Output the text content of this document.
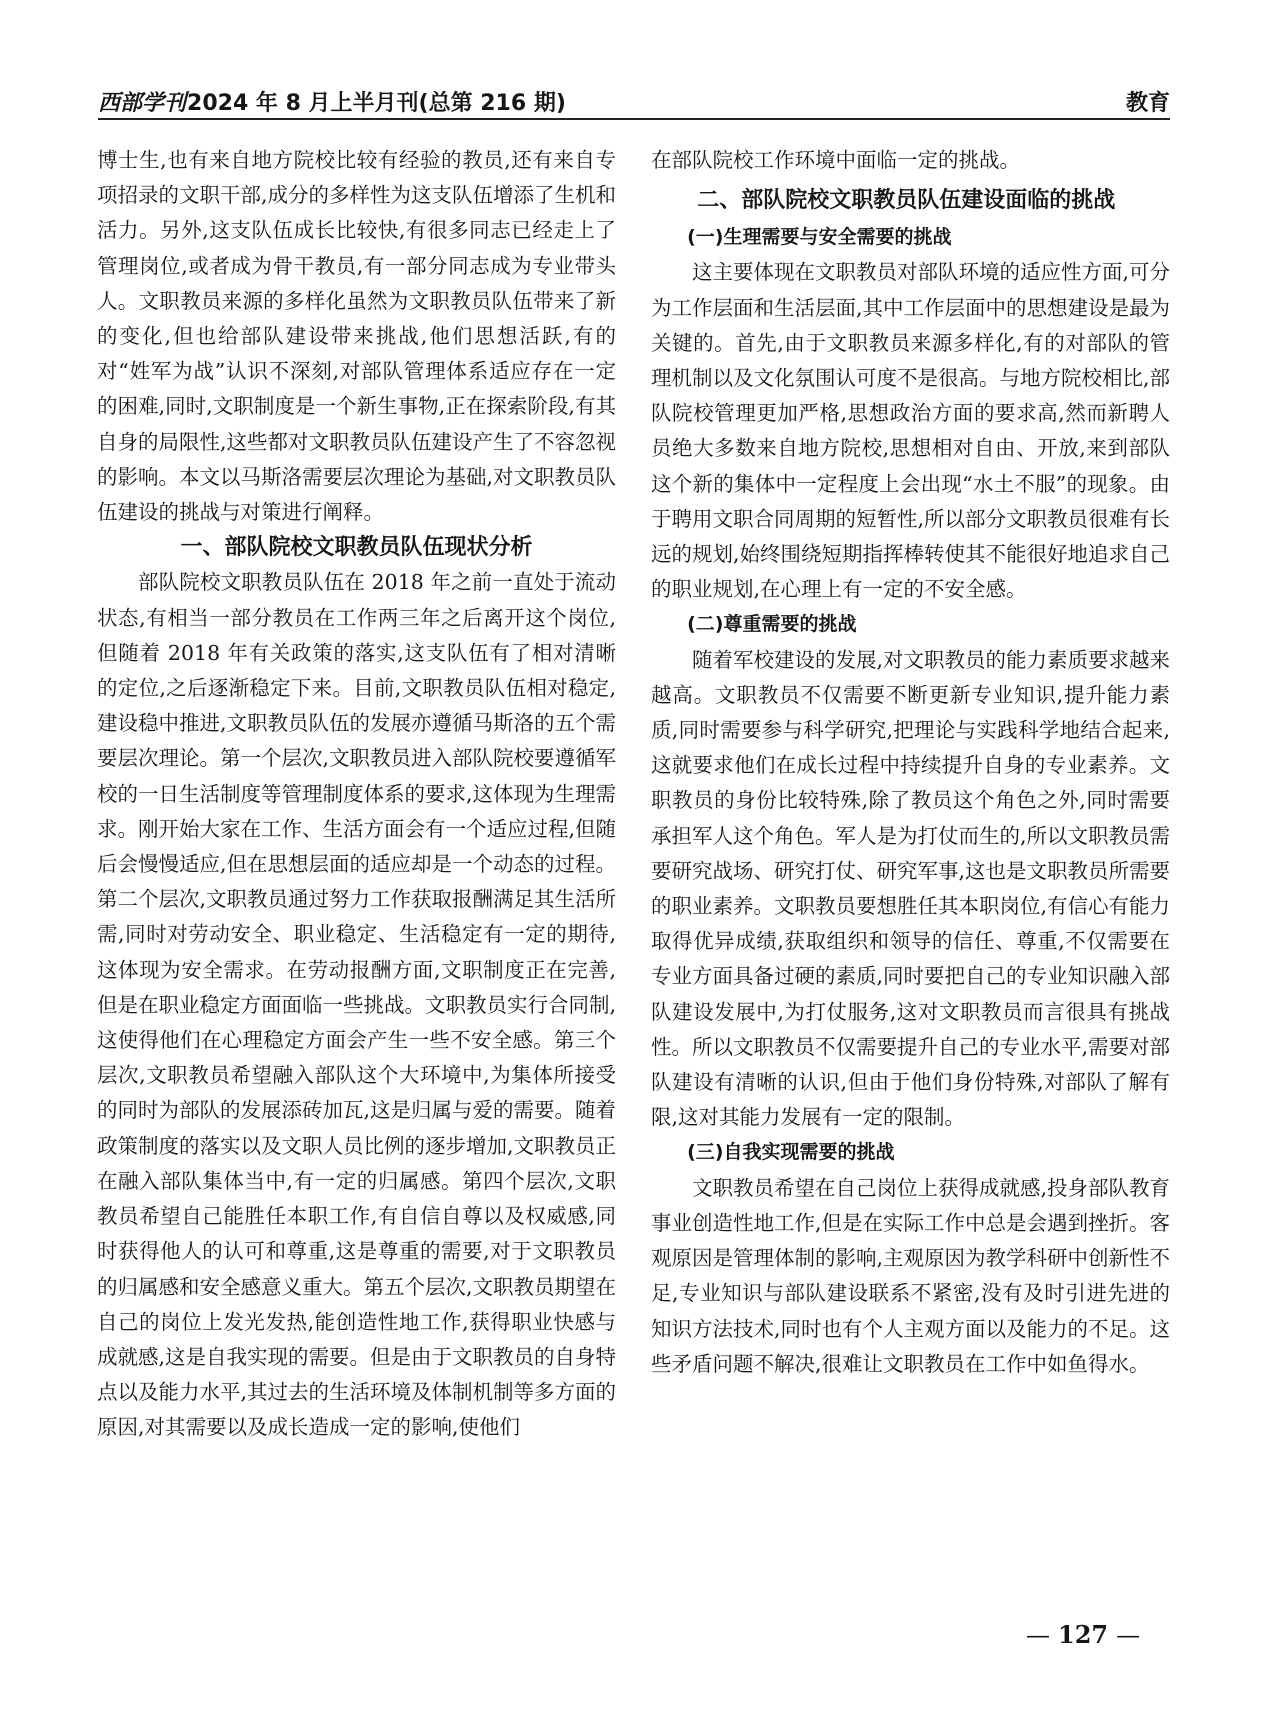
西部学刊2024 年 8 月上半月刊(总第 216 期)	教育

博士生,也有来自地方院校比较有经验的教员,还有来自专项招录的文职干部,成分的多样性为这支队伍增添了生机和活力。另外,这支队伍成长比较快,有很多同志已经走上了管理岗位,或者成为骨干教员,有一部分同志成为专业带头人。文职教员来源的多样化虽然为文职教员队伍带来了新的变化,但也给部队建设带来挑战,他们思想活跃,有的对“姓军为战”认识不深刻,对部队管理体系适应存在一定的困难,同时,文职制度是一个新生事物,正在探索阶段,有其自身的局限性,这些都对文职教员队伍建设产生了不容忽视的影响。本文以马斯洛需要层次理论为基础,对文职教员队伍建设的挑战与对策进行阐释。

一、部队院校文职教员队伍现状分析

部队院校文职教员队伍在 2018 年之前一直处于流动状态,有相当一部分教员在工作两三年之后离开这个岗位,但随着 2018 年有关政策的落实,这支队伍有了相对清晰的定位,之后逐渐稳定下来。目前,文职教员队伍相对稳定,建设稳中推进,文职教员队伍的发展亦遵循马斯洛的五个需要层次理论。第一个层次,文职教员进入部队院校要遵循军校的一日生活制度等管理制度体系的要求,这体现为生理需求。刚开始大家在工作、生活方面会有一个适应过程,但随后会慢慢适应,但在思想层面的适应却是一个动态的过程。第二个层次,文职教员通过努力工作获取报酬满足其生活所需,同时对劳动安全、职业稳定、生活稳定有一定的期待,这体现为安全需求。在劳动报酬方面,文职制度正在完善,但是在职业稳定方面面临一些挑战。文职教员实行合同制,这使得他们在心理稳定方面会产生一些不安全感。第三个层次,文职教员希望融入部队这个大环境中,为集体所接受的同时为部队的发展添砖加瓦,这是归属与爱的需要。随着政策制度的落实以及文职人员比例的逐步增加,文职教员正在融入部队集体当中,有一定的归属感。第四个层次,文职教员希望自己能胜任本职工作,有自信自尊以及权威感,同时获得他人的认可和尊重,这是尊重的需要,对于文职教员的归属感和安全感意义重大。第五个层次,文职教员期望在自己的岗位上发光发热,能创造性地工作,获得职业快感与成就感,这是自我实现的需要。但是由于文职教员的自身特点以及能力水平,其过去的生活环境及体制机制等多方面的原因,对其需要以及成长造成一定的影响,使他们

在部队院校工作环境中面临一定的挑战。

二、部队院校文职教员队伍建设面临的挑战

(一)生理需要与安全需要的挑战

这主要体现在文职教员对部队环境的适应性方面,可分为工作层面和生活层面,其中工作层面中的思想建设是最为关键的。首先,由于文职教员来源多样化,有的对部队的管理机制以及文化氛围认可度不是很高。与地方院校相比,部队院校管理更加严格,思想政治方面的要求高,然而新聘人员绝大多数来自地方院校,思想相对自由、开放,来到部队这个新的集体中一定程度上会出现“水土不服”的现象。由于聘用文职合同周期的短暂性,所以部分文职教员很难有长远的规划,始终围绕短期指挥棒转使其不能很好地追求自己的职业规划,在心理上有一定的不安全感。

(二)尊重需要的挑战

随着军校建设的发展,对文职教员的能力素质要求越来越高。文职教员不仅需要不断更新专业知识,提升能力素质,同时需要参与科学研究,把理论与实践科学地结合起来,这就要求他们在成长过程中持续提升自身的专业素养。文职教员的身份比较特殊,除了教员这个角色之外,同时需要承担军人这个角色。军人是为打仗而生的,所以文职教员需要研究战场、研究打仗、研究军事,这也是文职教员所需要的职业素养。文职教员要想胜任其本职岗位,有信心有能力取得优异成绩,获取组织和领导的信任、尊重,不仅需要在专业方面具备过硬的素质,同时要把自己的专业知识融入部队建设发展中,为打仗服务,这对文职教员而言很具有挑战性。所以文职教员不仅需要提升自己的专业水平,需要对部队建设有清晰的认识,但由于他们身份特殊,对部队了解有限,这对其能力发展有一定的限制。

(三)自我实现需要的挑战

文职教员希望在自己岗位上获得成就感,投身部队教育事业创造性地工作,但是在实际工作中总是会遇到挫折。客观原因是管理体制的影响,主观原因为教学科研中创新性不足,专业知识与部队建设联系不紧密,没有及时引进先进的知识方法技术,同时也有个人主观方面以及能力的不足。这些矛盾问题不解决,很难让文职教员在工作中如鱼得水。

— 127 —
